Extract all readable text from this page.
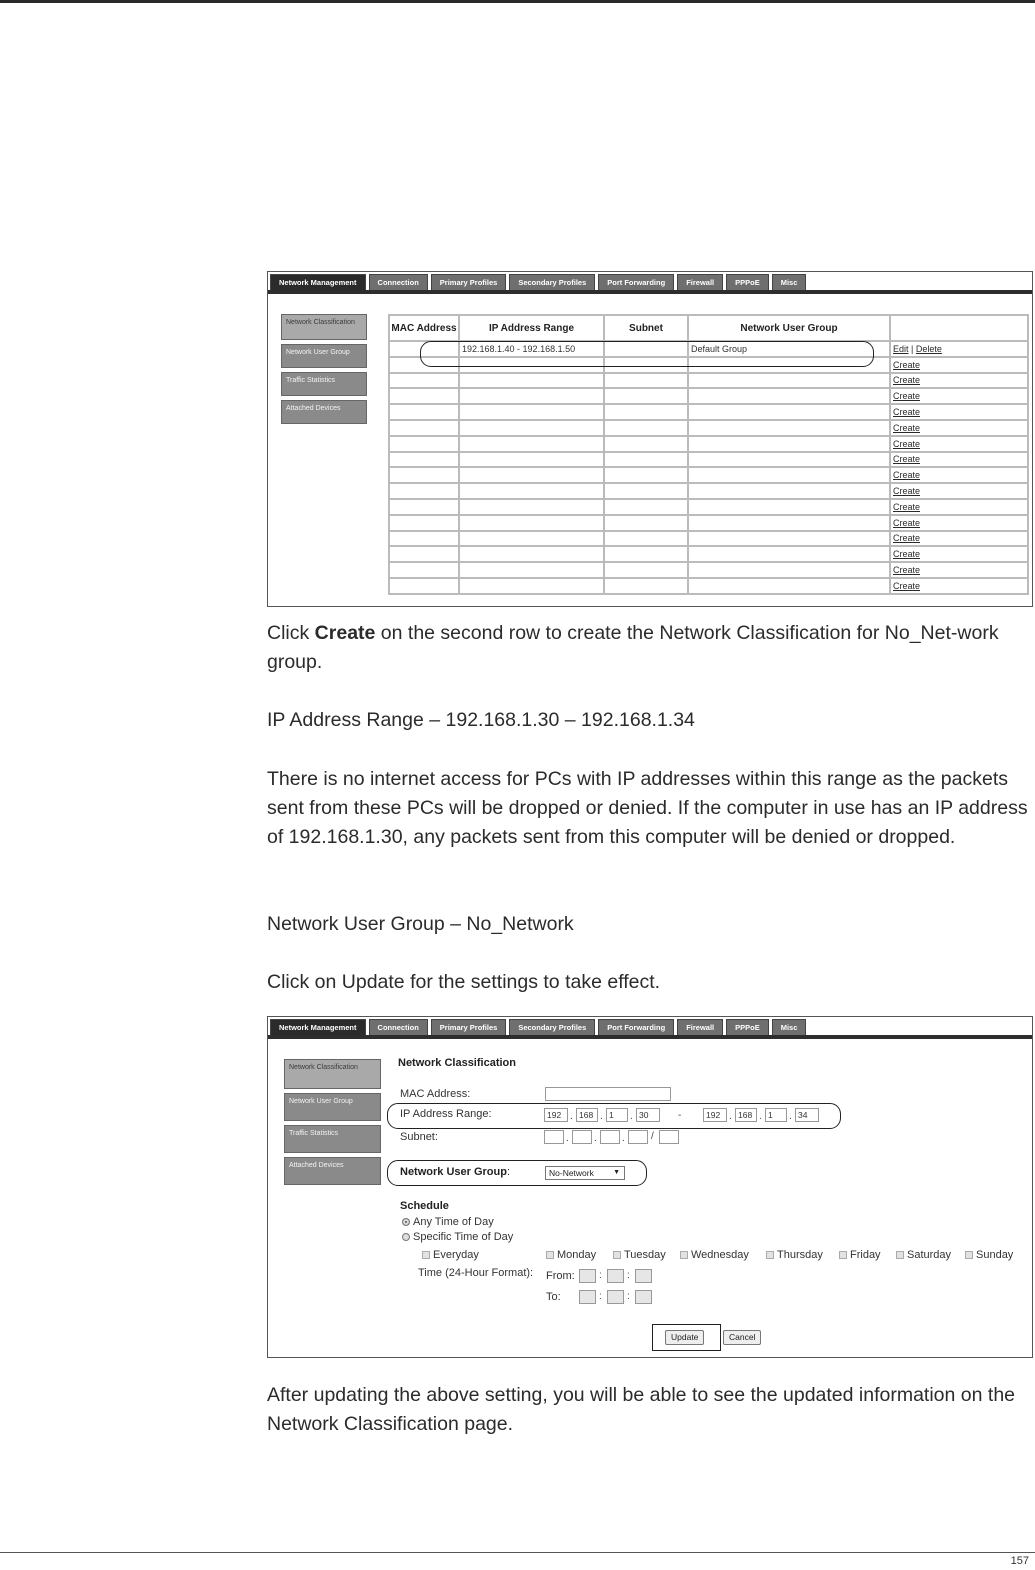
Network Management	Connection	Primary Profiles	Secondary Profiles	Port Forwarding	Firewall	PPPoE	Misc
Network Classification
Network User Group
Traffic Statistics
Attached Devices
MAC Address	IP Address Range	Subnet	Network User Group	
	192.168.1.40 - 192.168.1.50		Default Group	Edit | Delete
				Create
				Create
				Create
				Create
				Create
				Create
				Create
				Create
				Create
				Create
				Create
				Create
				Create
				Create
				Create
Click Create on the second row to create the Network Classification for No_Net-work group.
IP Address Range – 192.168.1.30 – 192.168.1.34
There is no internet access for PCs with IP addresses within this range as the packets sent from these PCs will be dropped or denied. If the computer in use has an IP address of 192.168.1.30, any packets sent from this computer will be denied or dropped.
Network User Group – No_Network
Click on Update for the settings to take effect.
Network Management	Connection	Primary Profiles	Secondary Profiles	Port Forwarding	Firewall	PPPoE	Misc
Network Classification
Network User Group
Traffic Statistics
Attached Devices
Network Classification
MAC Address:
IP Address Range:	192 . 168 . 1	. 30	-	192 . 168 . 1	. 34
Subnet:	.	.	.	/
Network User Group:	No-Network	▼
Schedule
Any Time of Day
Specific Time of Day
Everyday	Monday	Tuesday	Wednesday	Thursday	Friday	Saturday	Sunday
Time (24-Hour Format): From: :	:
To:	:	:
Update	Cancel
After updating the above setting, you will be able to see the updated information on the Network Classification page.
157
